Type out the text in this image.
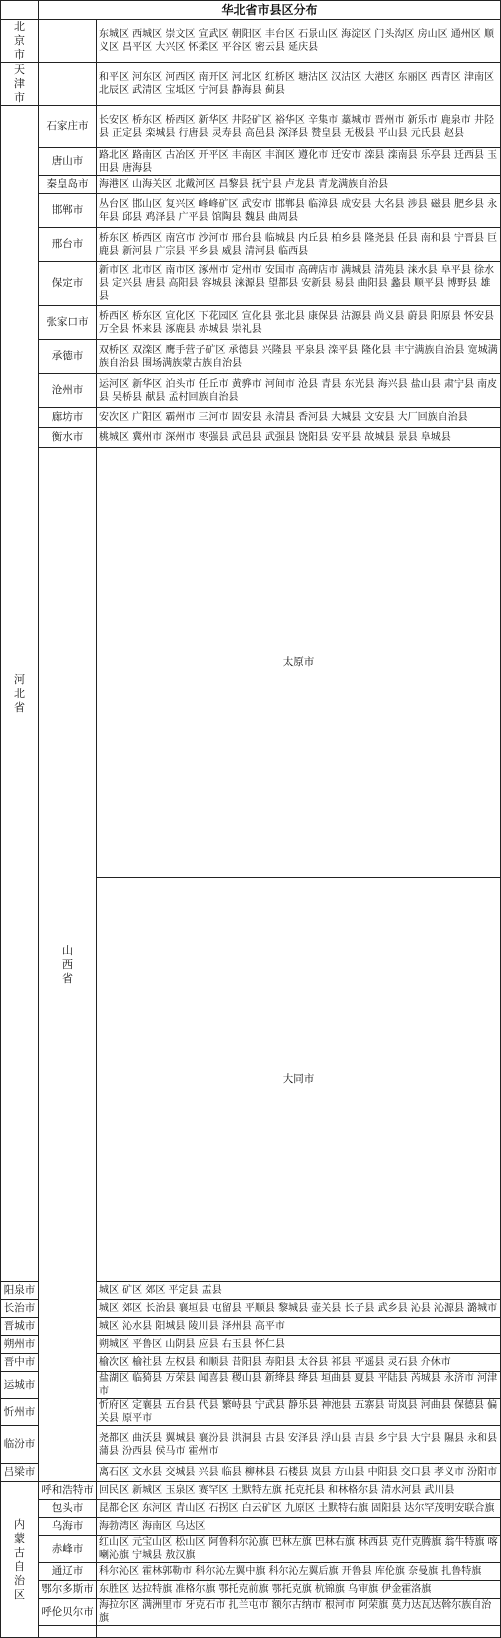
	华北省市县区分布		

北京市		东城区 西城区 崇文区 宣武区 朝阳区 丰台区 石景山区 海淀区 门头沟区 房山区 通州区 顺义区 昌平区 大兴区 怀柔区 平谷区 密云县 延庆县	

天津市		和平区 河东区 河西区 南开区 河北区 红桥区 塘沽区 汉沽区 大港区 东丽区 西青区 津南区 北辰区 武清区 宝坻区 宁河县 静海县 蓟县	

河北省	石家庄市	长安区 桥东区 桥西区 新华区 井陉矿区 裕华区 辛集市 藁城市 晋州市 新乐市 鹿泉市 井陉县 正定县 栾城县 行唐县 灵寿县 高邑县 深泽县 赞皇县 无极县 平山县 元氏县 赵县	
	唐山市	路北区 路南区 古冶区 开平区 丰南区 丰润区 遵化市 迁安市 滦县 滦南县 乐亭县 迁西县 玉田县 唐海县	
	秦皇岛市	海港区 山海关区 北戴河区 昌黎县 抚宁县 卢龙县 青龙满族自治县	
	邯郸市	丛台区 邯山区 复兴区 峰峰矿区 武安市 邯郸县 临漳县 成安县 大名县 涉县 磁县 肥乡县 永年县 邱县 鸡泽县 广平县 馆陶县 魏县 曲周县	
	邢台市	桥东区 桥西区 南宫市 沙河市 邢台县 临城县 内丘县 柏乡县 隆尧县 任县 南和县 宁晋县 巨鹿县 新河县 广宗县 平乡县 威县 清河县 临西县	
	保定市	新市区 北市区 南市区 涿州市 定州市 安国市 高碑店市 满城县 清苑县 涞水县 阜平县 徐水县 定兴县 唐县 高阳县 容城县 涞源县 望都县 安新县 易县 曲阳县 蠡县 顺平县 博野县 雄县	
	张家口市	桥西区 桥东区 宣化区 下花园区 宣化县 张北县 康保县 沽源县 尚义县 蔚县 阳原县 怀安县 万全县 怀来县 涿鹿县 赤城县 崇礼县	
	承德市	双桥区 双滦区 鹰手营子矿区 承德县 兴隆县 平泉县 滦平县 隆化县 丰宁满族自治县 宽城满族自治县 围场满族蒙古族自治县	
	沧州市	运河区 新华区 泊头市 任丘市 黄骅市 河间市 沧县 青县 东光县 海兴县 盐山县 肃宁县 南皮县 吴桥县 献县 孟村回族自治县	
	廊坊市	安次区 广阳区 霸州市 三河市 固安县 永清县 香河县 大城县 文安县 大厂回族自治县	
	衡水市	桃城区 冀州市 深州市 枣强县 武邑县 武强县 饶阳县 安平县 故城县 景县 阜城县	

	山西省	太原市	
		大同市	
阳泉市		城区 矿区 郊区 平定县 盂县	
长治市		城区 郊区 长治县 襄垣县 屯留县 平顺县 黎城县 壶关县 长子县 武乡县 沁县 沁源县 潞城市	
晋城市		城区 沁水县 阳城县 陵川县 泽州县 高平市	
朔州市		朔城区 平鲁区 山阴县 应县 右玉县 怀仁县	
晋中市		榆次区 榆社县 左权县 和顺县 昔阳县 寿阳县 太谷县 祁县 平遥县 灵石县 介休市	
运城市		盐湖区 临猗县 万荣县 闻喜县 稷山县 新绛县 绛县 垣曲县 夏县 平陆县 芮城县 永济市 河津市	
忻州市		忻府区 定襄县 五台县 代县 繁峙县 宁武县 静乐县 神池县 五寨县 岢岚县 河曲县 保德县 偏关县 原平市	
临汾市		尧都区 曲沃县 翼城县 襄汾县 洪洞县 古县 安泽县 浮山县 吉县 乡宁县 大宁县 隰县 永和县 蒲县 汾西县 侯马市 霍州市	
吕梁市		离石区 文水县 交城县 兴县 临县 柳林县 石楼县 岚县 方山县 中阳县 交口县 孝义市 汾阳市	

内蒙古自治区	呼和浩特市	回民区 新城区 玉泉区 赛罕区 土默特左旗 托克托县 和林格尔县 清水河县 武川县	
	包头市	昆都仑区 东河区 青山区 石拐区 白云矿区 九原区 土默特右旗 固阳县 达尔罕茂明安联合旗	
	乌海市	海勃湾区 海南区 乌达区	
	赤峰市	红山区 元宝山区 松山区 阿鲁科尔沁旗 巴林左旗 巴林右旗 林西县 克什克腾旗 翁牛特旗 喀喇沁旗 宁城县 敖汉旗	
	通辽市	科尔沁区 霍林郭勒市 科尔沁左翼中旗 科尔沁左翼后旗 开鲁县 库伦旗 奈曼旗 扎鲁特旗	
	鄂尔多斯市	东胜区 达拉特旗 准格尔旗 鄂托克前旗 鄂托克旗 杭锦旗 乌审旗 伊金霍洛旗	
	呼伦贝尔市	海拉尔区 满洲里市 牙克石市 扎兰屯市 额尔古纳市 根河市 阿荣旗 莫力达瓦达斡尔族自治旗	
